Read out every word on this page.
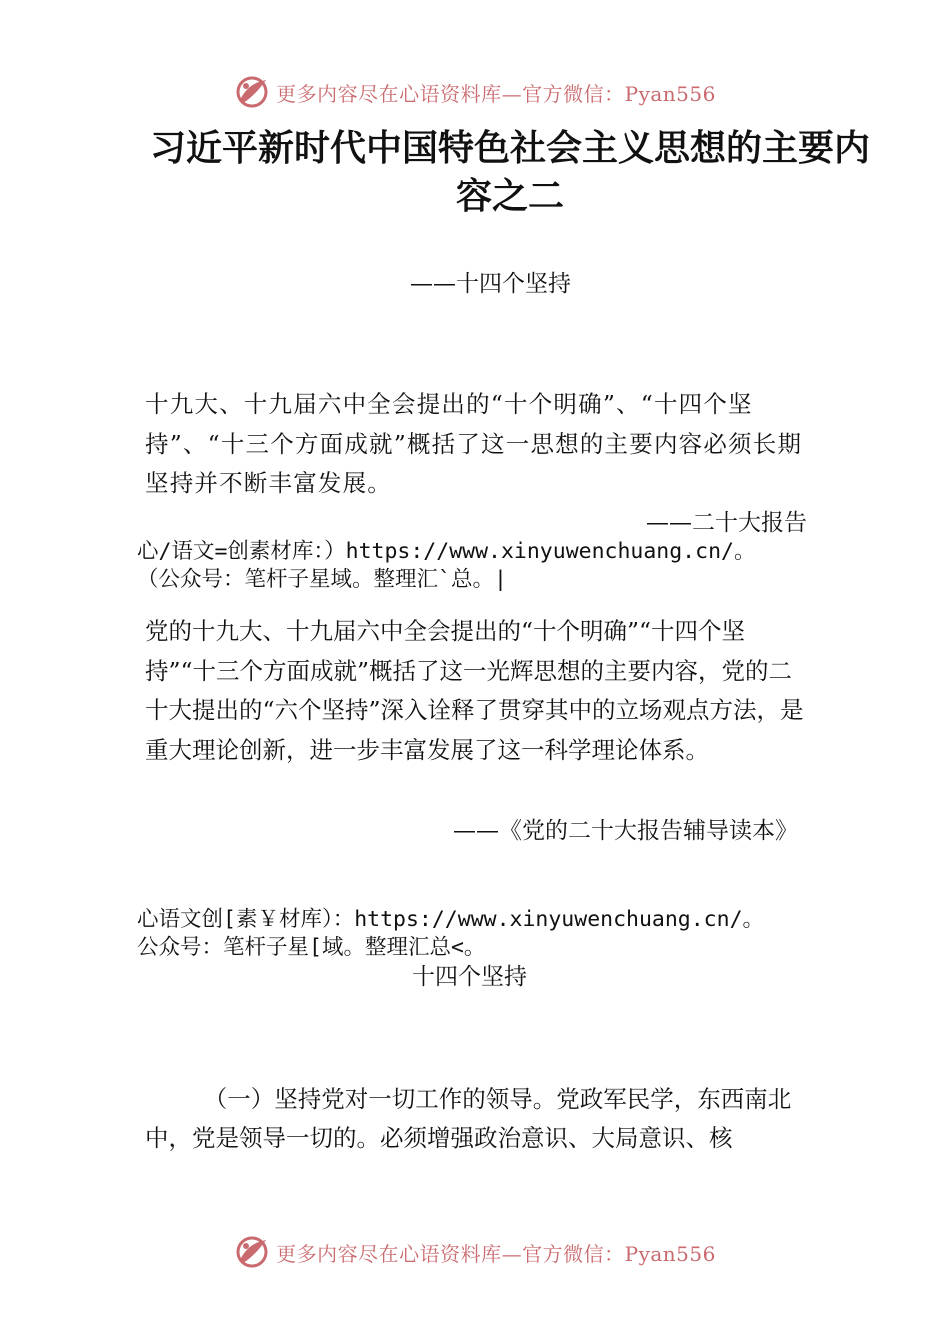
更多内容尽在心语资料库—官方微信：Pyan556
习近平新时代中国特色社会主义思想的主要内容之二

——十四个坚持

十九大、十九届六中全会提出的“十个明确”、“十四个坚持”、“十三个方面成就”概括了这一思想的主要内容必须长期坚持并不断丰富发展。

——二十大报告

心/语文=创素材库：）https://www.xinyuwenchuang.cn/。

（公众号：笔杆子星域。整理汇`总。|

党的十九大、十九届六中全会提出的“十个明确”“十四个坚持”“十三个方面成就”概括了这一光辉思想的主要内容，党的二十大提出的“六个坚持”深入诠释了贯穿其中的立场观点方法，是重大理论创新，进一步丰富发展了这一科学理论体系。

——《党的二十大报告辅导读本》

心语文创[素￥材库）：https://www.xinyuwenchuang.cn/。

公众号：笔杆子星[域。整理汇总<。

十四个坚持

（一）坚持党对一切工作的领导。党政军民学，东西南北中，党是领导一切的。必须增强政治意识、大局意识、核

更多内容尽在心语资料库—官方微信：Pyan556
